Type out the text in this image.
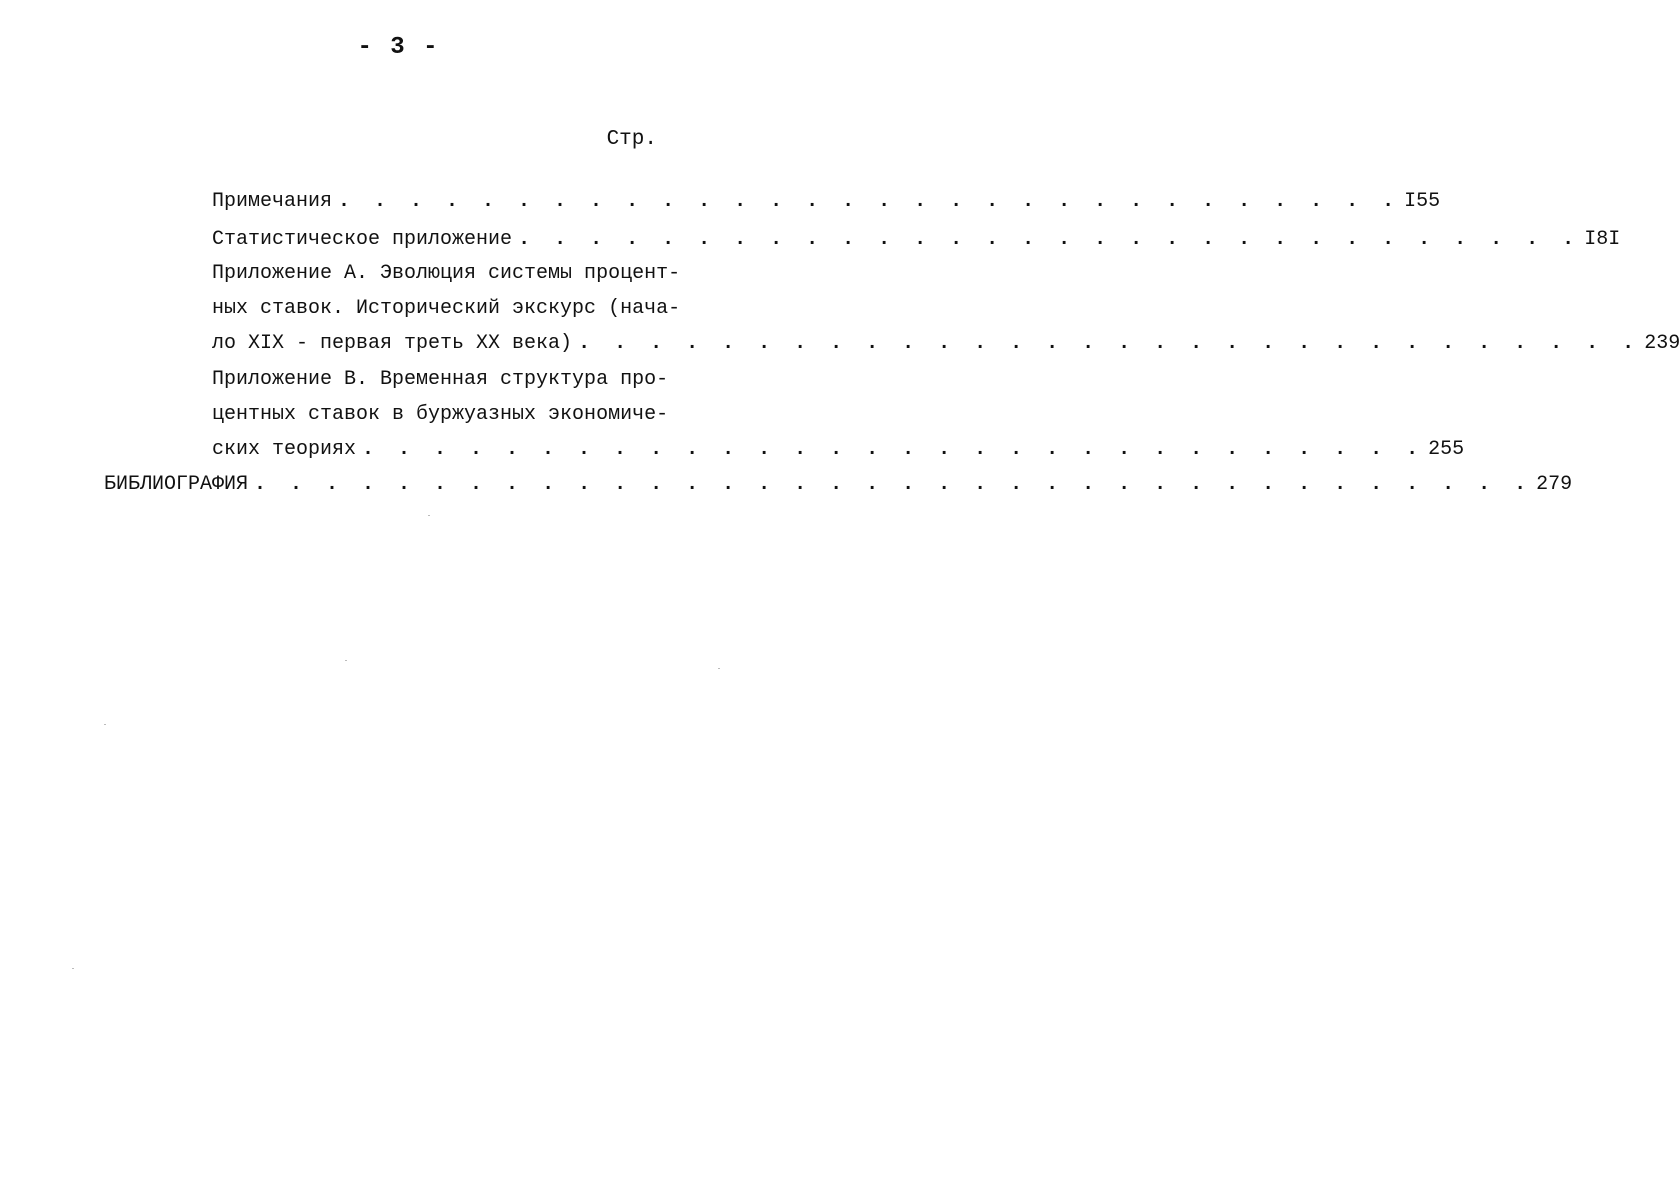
- 3 -
Стр.
Примечания . . . . . . . . . . . . . . . . . . . . . . . . . . . . . . I55
Статистическое приложение . . . . . . . . . . . . . . . . . . . . . . . . . . . . . . I8I
Приложение А. Эволюция системы процент-
ных ставок. Исторический экскурс (нача-
ло XIX - первая треть XX века) . . . . . . . . . . . . . . . . . . . . . . . . . . . . . . 239
Приложение В. Временная структура про-
центных ставок в буржуазных экономиче-
ских теориях . . . . . . . . . . . . . . . . . . . . . . . . . . . . . . 255
БИБЛИОГРАФИЯ . . . . . . . . . . . . . . . . . . . . . . . . . . . . . . . . . . . . 279
